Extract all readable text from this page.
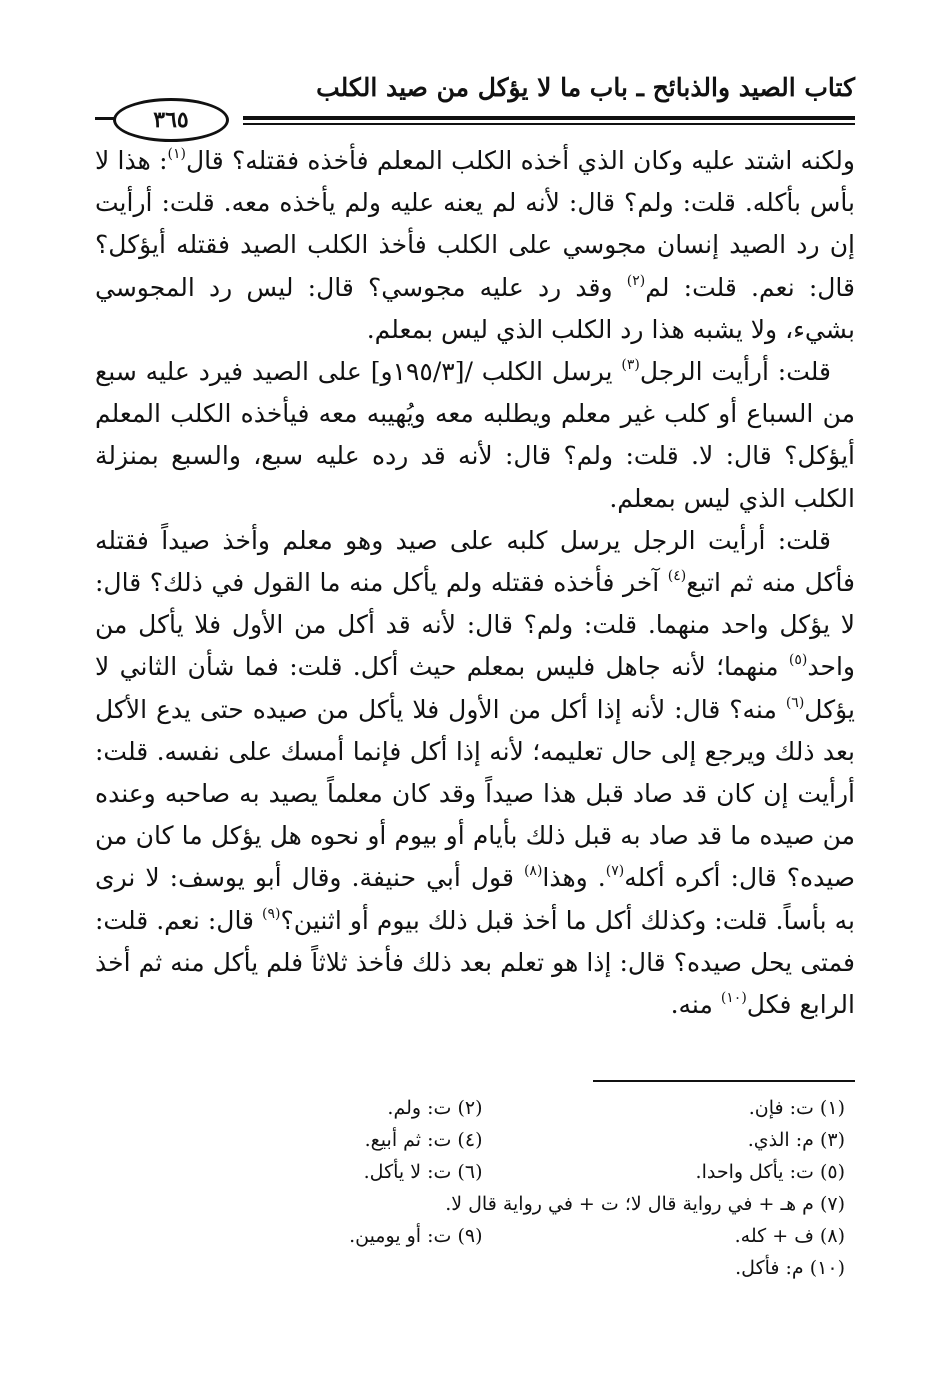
كتاب الصيد والذبائح ـ باب ما لا يؤكل من صيد الكلب
٣٦٥

ولكنه اشتد عليه وكان الذي أخذه الكلب المعلم فأخذه فقتله؟ قال$^{(١)}$: هذا لا بأس بأكله. قلت: ولم؟ قال: لأنه لم يعنه عليه ولم يأخذه معه. قلت: أرأيت إن رد الصيد إنسان مجوسي على الكلب فأخذ الكلب الصيد فقتله أيؤكل؟ قال: نعم. قلت: لم$^{(٢)}$ وقد رد عليه مجوسي؟ قال: ليس رد المجوسي بشيء، ولا يشبه هذا رد الكلب الذي ليس بمعلم.

قلت: أرأيت الرجل$^{(٣)}$ يرسل الكلب /[١٩٥/٣و] على الصيد فيرد عليه سبع من السباع أو كلب غير معلم ويطلبه معه ويُهيبه معه فيأخذه الكلب المعلم أيؤكل؟ قال: لا. قلت: ولم؟ قال: لأنه قد رده عليه سبع، والسبع بمنزلة الكلب الذي ليس بمعلم.

قلت: أرأيت الرجل يرسل كلبه على صيد وهو معلم وأخذ صيداً فقتله فأكل منه ثم اتبع$^{(٤)}$ آخر فأخذه فقتله ولم يأكل منه ما القول في ذلك؟ قال: لا يؤكل واحد منهما. قلت: ولم؟ قال: لأنه قد أكل من الأول فلا يأكل من واحد$^{(٥)}$ منهما؛ لأنه جاهل فليس بمعلم حيث أكل. قلت: فما شأن الثاني لا يؤكل$^{(٦)}$ منه؟ قال: لأنه إذا أكل من الأول فلا يأكل من صيده حتى يدع الأكل بعد ذلك ويرجع إلى حال تعليمه؛ لأنه إذا أكل فإنما أمسك على نفسه. قلت: أرأيت إن كان قد صاد قبل هذا صيداً وقد كان معلماً يصيد به صاحبه وعنده من صيده ما قد صاد به قبل ذلك بأيام أو بيوم أو نحوه هل يؤكل ما كان من صيده؟ قال: أكره أكله$^{(٧)}$. وهذا$^{(٨)}$ قول أبي حنيفة. وقال أبو يوسف: لا نرى به بأساً. قلت: وكذلك أكل ما أخذ قبل ذلك بيوم أو اثنين؟$^{(٩)}$ قال: نعم. قلت: فمتى يحل صيده؟ قال: إذا هو تعلم بعد ذلك فأخذ ثلاثاً فلم يأكل منه ثم أخذ الرابع فكل$^{(١٠)}$ منه.

(١) ت: فإن.
(٢) ت: ولم.
(٣) م: الذي.
(٤) ت: ثم أبيع.
(٥) ت: يأكل واحدا.
(٦) ت: لا يأكل.
(٧) م هـ + في رواية قال لا؛ ت + في رواية قال لا.
(٨) ف + كله.
(٩) ت: أو يومين.
(١٠) م: فأكل.
